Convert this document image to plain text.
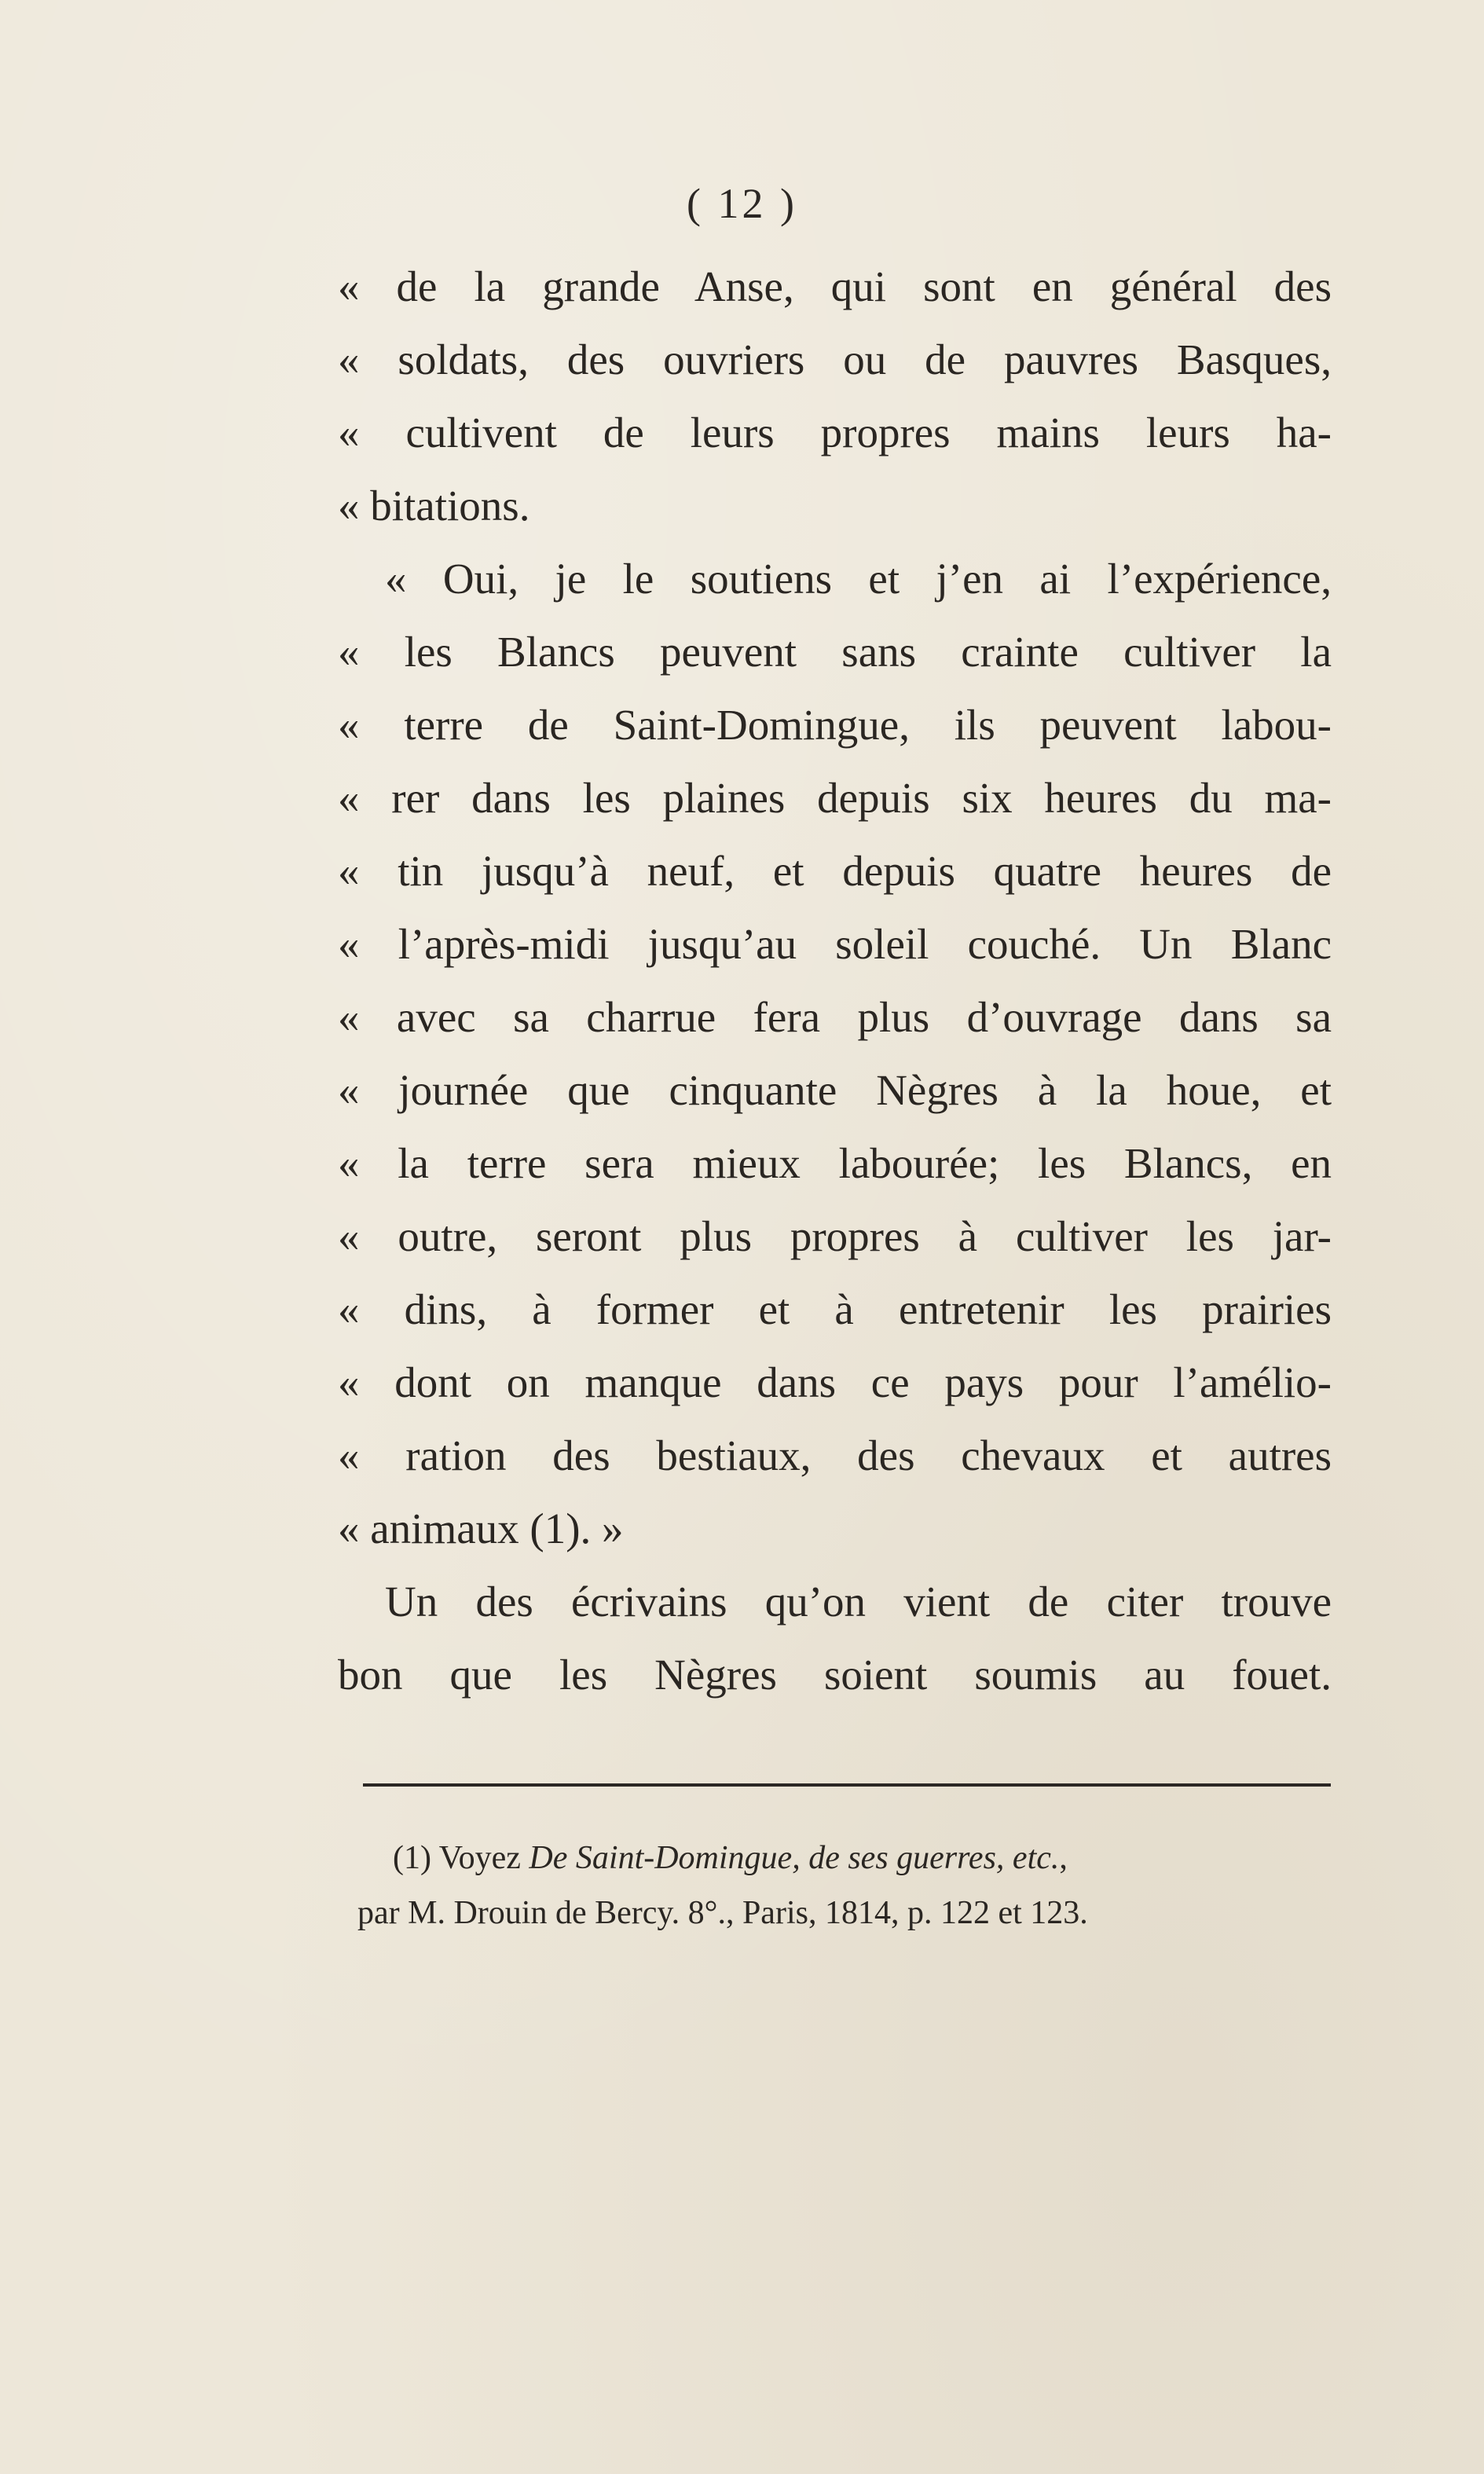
( 12 )
« de la grande Anse, qui sont en général des
« soldats, des ouvriers ou de pauvres Basques,
« cultivent de leurs propres mains leurs ha-
« bitations.
« Oui, je le soutiens et j’en ai l’expérience,
« les Blancs peuvent sans crainte cultiver la
« terre de Saint-Domingue, ils peuvent labou-
« rer dans les plaines depuis six heures du ma-
« tin jusqu’à neuf, et depuis quatre heures de
« l’après-midi jusqu’au soleil couché. Un Blanc
« avec sa charrue fera plus d’ouvrage dans sa
« journée que cinquante Nègres à la houe, et
« la terre sera mieux labourée; les Blancs, en
« outre, seront plus propres à cultiver les jar-
« dins, à former et à entretenir les prairies
« dont on manque dans ce pays pour l’amélio-
« ration des bestiaux, des chevaux et autres
« animaux (1). »
Un des écrivains qu’on vient de citer trouve
bon que les Nègres soient soumis au fouet.
(1) Voyez De Saint-Domingue, de ses guerres, etc.,
par M. Drouin de Bercy. 8°., Paris, 1814, p. 122 et 123.
